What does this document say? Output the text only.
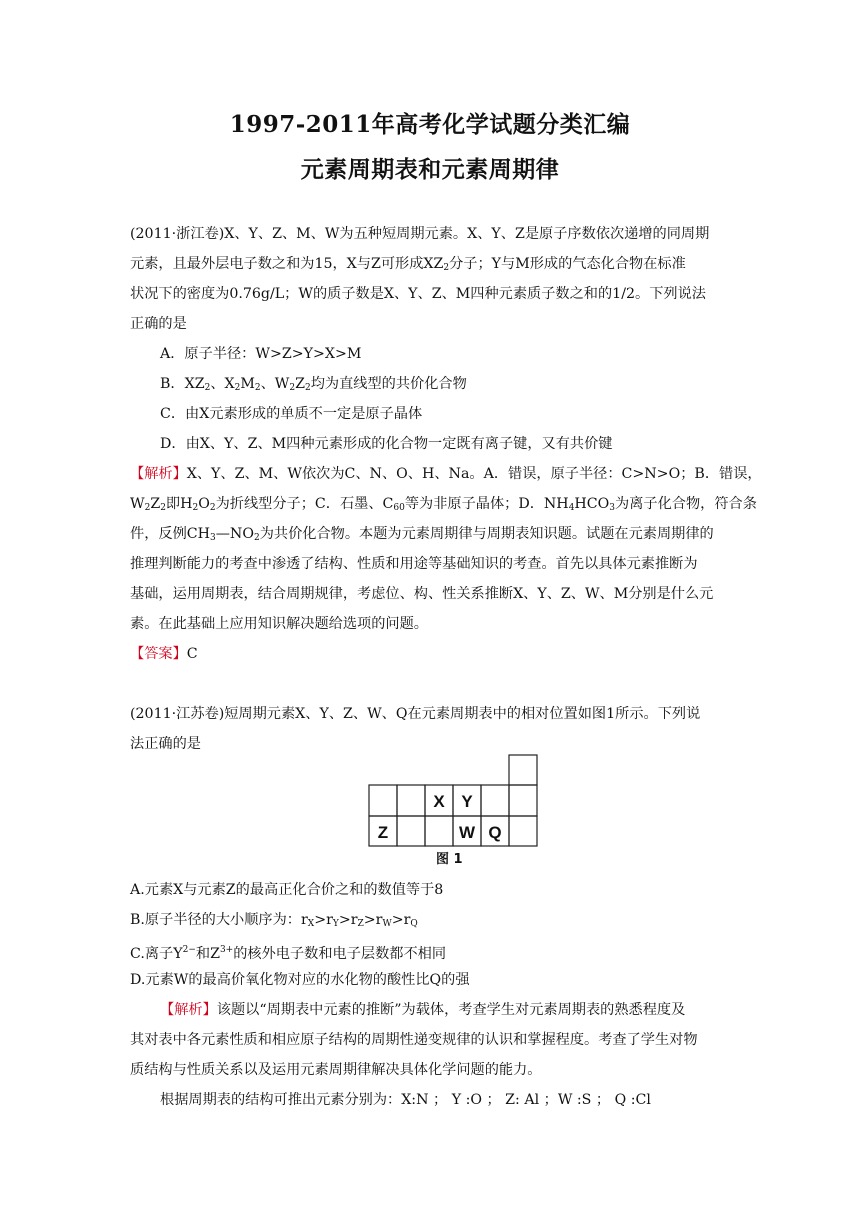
1997-2011年高考化学试题分类汇编
元素周期表和元素周期律
(2011·浙江卷)X、Y、Z、M、W为五种短周期元素。X、Y、Z是原子序数依次递增的同周期
元素，且最外层电子数之和为15，X与Z可形成$XZ_2$分子；Y与M形成的气态化合物在标准
状况下的密度为0.76g/L；W的质子数是X、Y、Z、M四种元素质子数之和的1/2。下列说法
正确的是
A．原子半径：W>Z>Y>X>M
B．$XZ_2$、$X_2M_2$、$W_2Z_2$均为直线型的共价化合物
C．由X元素形成的单质不一定是原子晶体
D．由X、Y、Z、M四种元素形成的化合物一定既有离子键，又有共价键
【解析】X、Y、Z、M、W依次为C、N、O、H、Na。A．错误，原子半径：C>N>O；B．错误，
$W_2Z_2$即$H_2O_2$为折线型分子；C．石墨、$C_{60}$等为非原子晶体；D．$NH_4HCO_3$为离子化合物，符合条
件，反例$CH_3—NO_2$为共价化合物。本题为元素周期律与周期表知识题。试题在元素周期律的
推理判断能力的考查中渗透了结构、性质和用途等基础知识的考查。首先以具体元素推断为
基础，运用周期表，结合周期规律，考虑位、构、性关系推断X、Y、Z、W、M分别是什么元
素。在此基础上应用知识解决题给选项的问题。
【答案】C
(2011·江苏卷)短周期元素X、Y、Z、W、Q在元素周期表中的相对位置如图1所示。下列说
法正确的是
X Y
Z	W Q
图 1
A.元素X与元素Z的最高正化合价之和的数值等于8
B.原子半径的大小顺序为：$r_X>r_Y>r_Z>r_W>r_Q$
C.离子$Y^{2-}$和$Z^{3+}$的核外电子数和电子层数都不相同
D.元素W的最高价氧化物对应的水化物的酸性比Q的强
【解析】该题以“周期表中元素的推断”为载体，考查学生对元素周期表的熟悉程度及
其对表中各元素性质和相应原子结构的周期性递变规律的认识和掌握程度。考查了学生对物
质结构与性质关系以及运用元素周期律解决具体化学问题的能力。
根据周期表的结构可推出元素分别为：X:N ； Y :O ； Z: Al ；W :S ； Q :Cl
